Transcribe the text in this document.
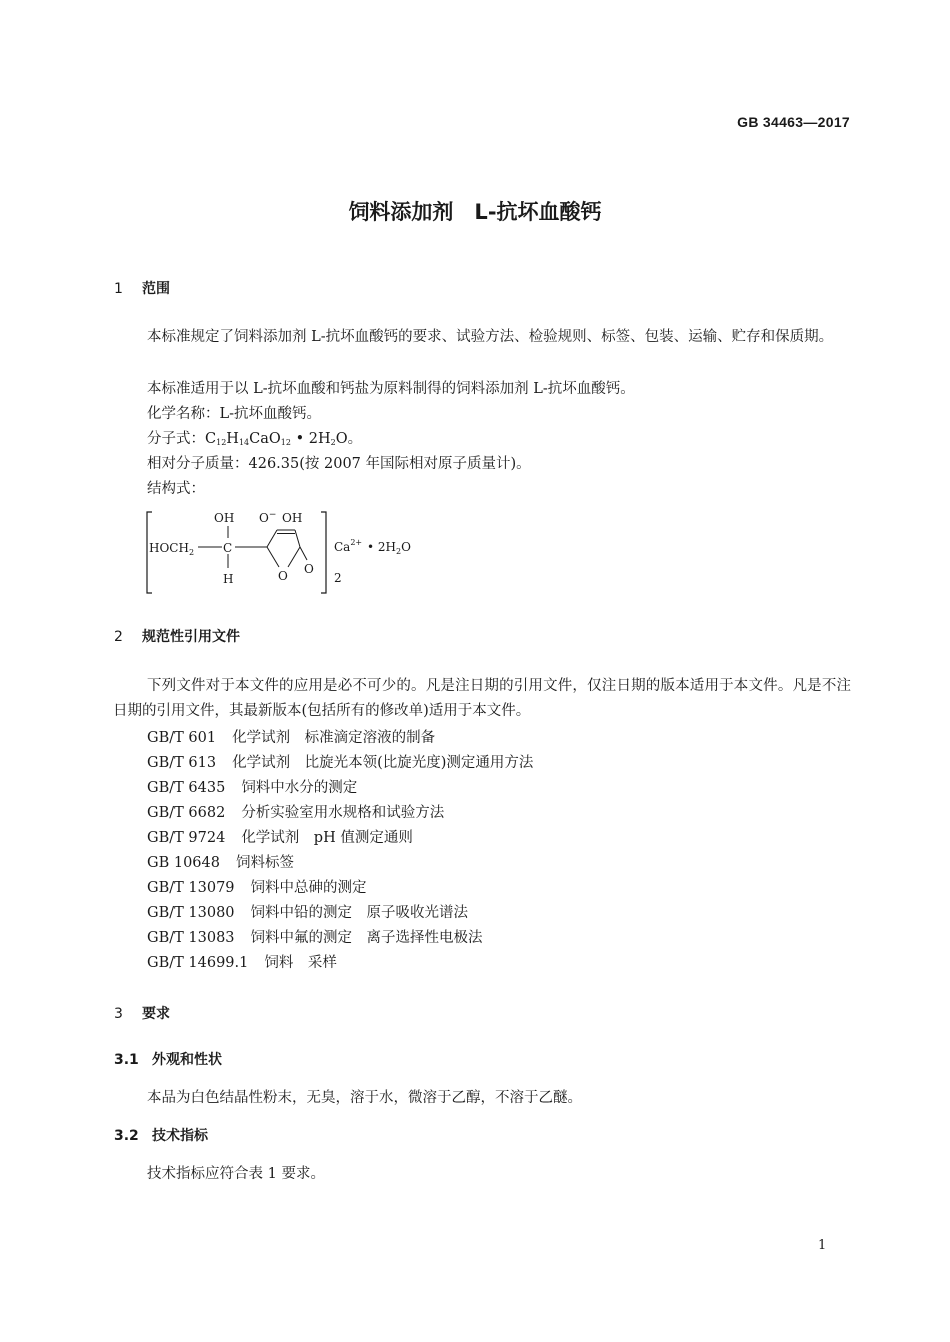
GB 34463—2017
饲料添加剂　L-抗坏血酸钙
1 范围
本标准规定了饲料添加剂 L-抗坏血酸钙的要求、试验方法、检验规则、标签、包装、运输、贮存和保质期。
本标准适用于以 L-抗坏血酸和钙盐为原料制得的饲料添加剂 L-抗坏血酸钙。
化学名称：L-抗坏血酸钙。
分子式：$C_{12}H_{14}CaO_{12}$ • $2H_2O$。
相对分子质量：426.35(按 2007 年国际相对原子质量计)。
结构式：
$HOCH_2$ C
OH
H
O− OH
O O
$Ca^{2+}$ • $2H_2O$
2
2 规范性引用文件
下列文件对于本文件的应用是必不可少的。凡是注日期的引用文件，仅注日期的版本适用于本文件。凡是不注日期的引用文件，其最新版本(包括所有的修改单)适用于本文件。
GB/T 601 化学试剂　标准滴定溶液的制备
GB/T 613 化学试剂　比旋光本领(比旋光度)测定通用方法
GB/T 6435 饲料中水分的测定
GB/T 6682 分析实验室用水规格和试验方法
GB/T 9724 化学试剂　pH 值测定通则
GB 10648 饲料标签
GB/T 13079 饲料中总砷的测定
GB/T 13080 饲料中铅的测定　原子吸收光谱法
GB/T 13083 饲料中氟的测定　离子选择性电极法
GB/T 14699.1 饲料　采样
3 要求
3.1 外观和性状
本品为白色结晶性粉末，无臭，溶于水，微溶于乙醇，不溶于乙醚。
3.2 技术指标
技术指标应符合表 1 要求。
1
